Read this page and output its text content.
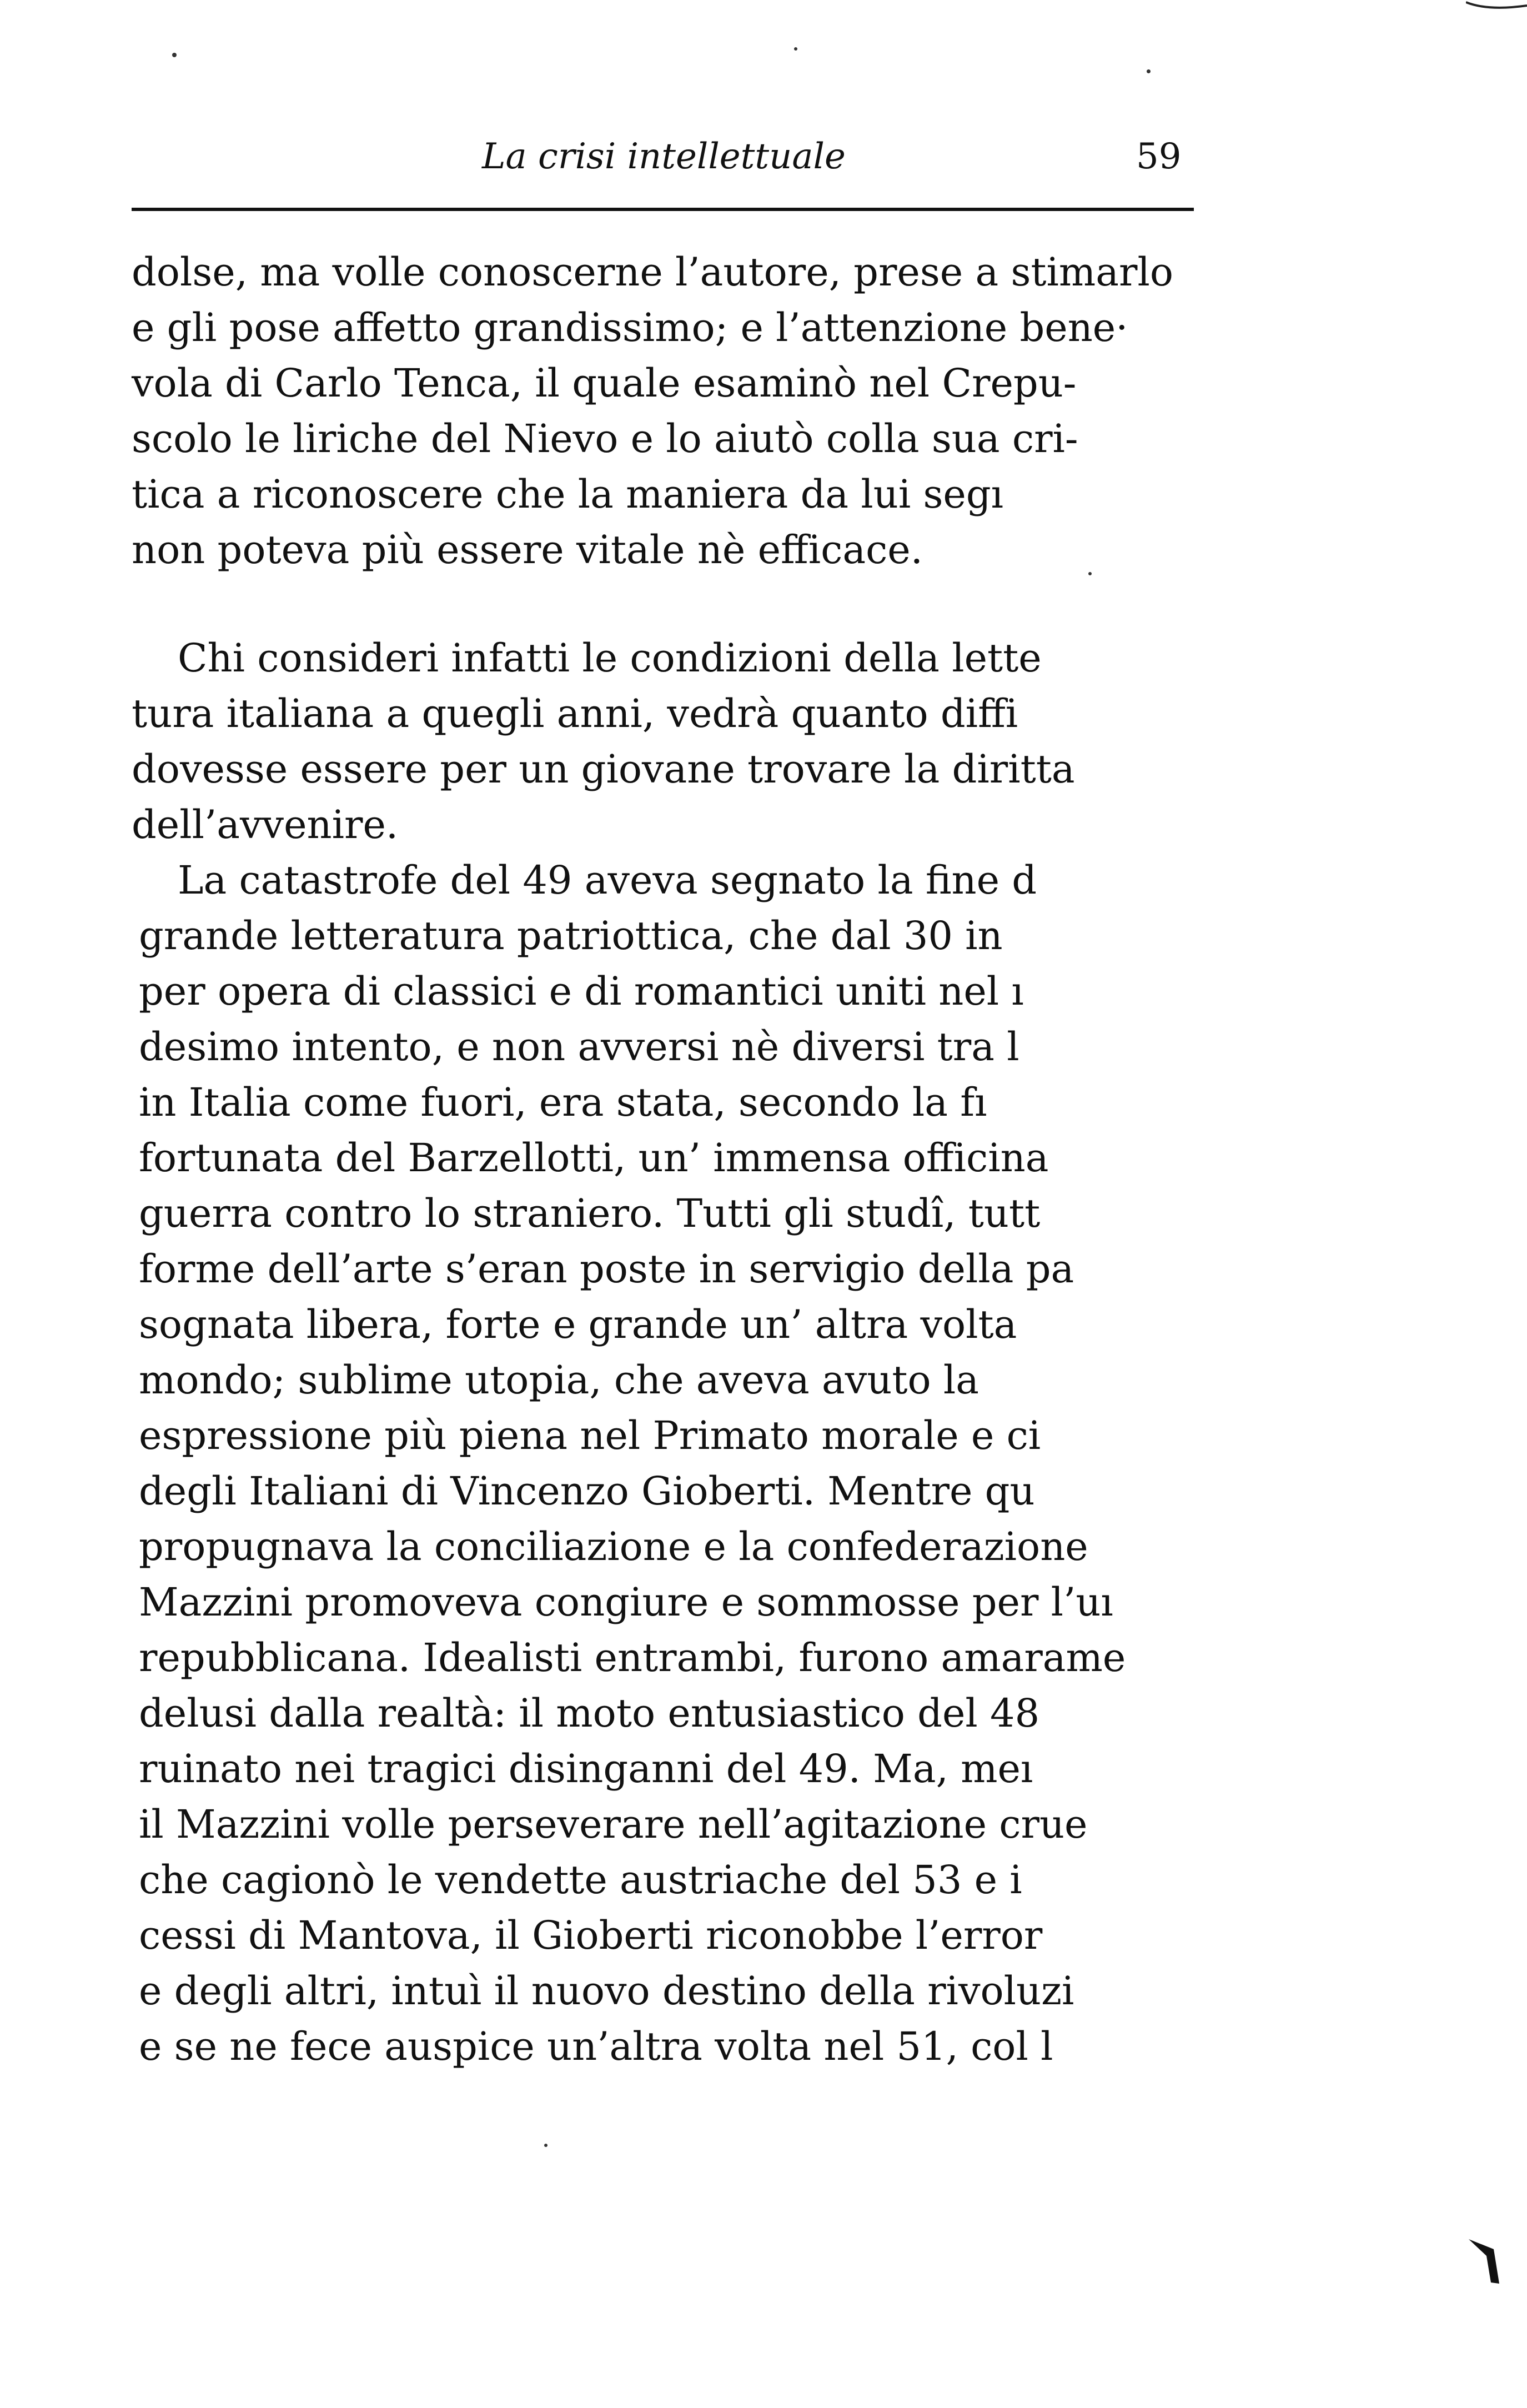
La crisi intellettuale	59
dolse, ma volle conoscerne l’autore, prese a stimarlo
e gli pose affetto grandissimo; e l’attenzione bene·
vola di Carlo Tenca, il quale esaminò nel Crepu-
scolo le liriche del Nievo e lo aiutò colla sua cri-
tica a riconoscere che la maniera da lui segı
non poteva più essere vitale nè efficace.
Chi consideri infatti le condizioni della lette
tura italiana a quegli anni, vedrà quanto diffi
dovesse essere per un giovane trovare la diritta
dell’avvenire.
La catastrofe del 49 aveva segnato la fine d
grande letteratura patriottica, che dal 30 in
per opera di classici e di romantici uniti nel ı
desimo intento, e non avversi nè diversi tra l
in Italia come fuori, era stata, secondo la fı
fortunata del Barzellotti, un’ immensa officina
guerra contro lo straniero. Tutti gli studî, tutt
forme dell’arte s’eran poste in servigio della pa
sognata libera, forte e grande un’ altra volta
mondo; sublime utopia, che aveva avuto la
espressione più piena nel Primato morale e ci
degli Italiani di Vincenzo Gioberti. Mentre qu
propugnava la conciliazione e la confederazione
Mazzini promoveva congiure e sommosse per l’uı
repubblicana. Idealisti entrambi, furono amarame
delusi dalla realtà: il moto entusiastico del 48
ruinato nei tragici disinganni del 49. Ma, meı
il Mazzini volle perseverare nell’agitazione crue
che cagionò le vendette austriache del 53 e i
cessi di Mantova, il Gioberti riconobbe l’error
e degli altri, intuì il nuovo destino della rivoluzi
e se ne fece auspice un’altra volta nel 51, col l
